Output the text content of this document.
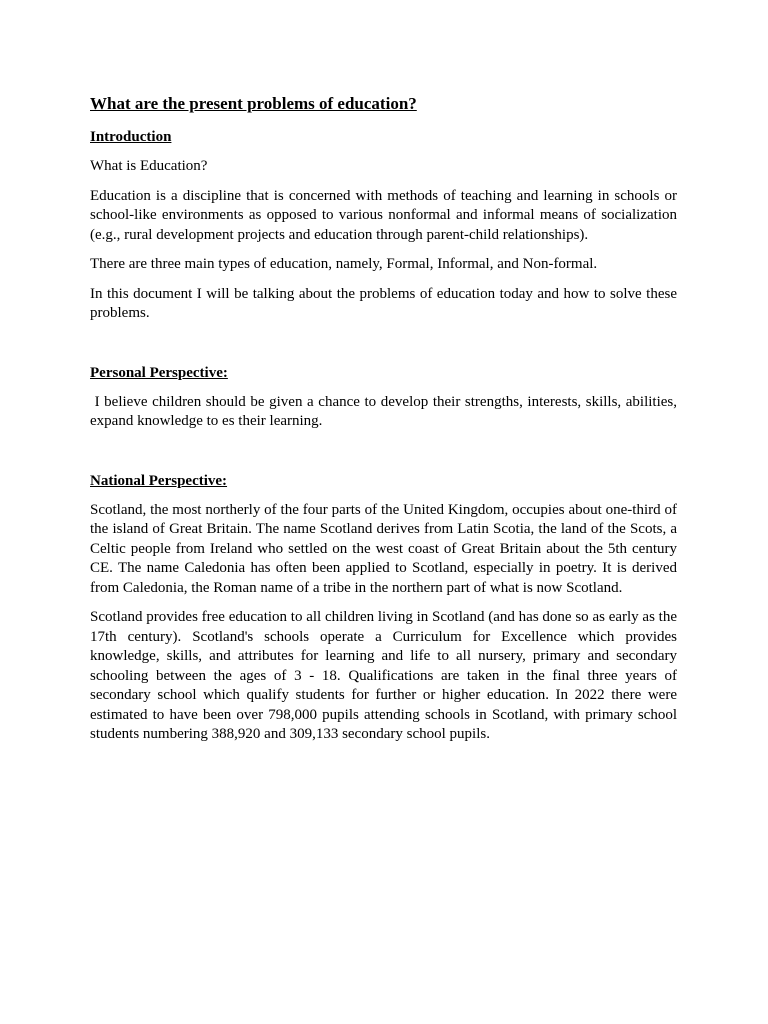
What are the present problems of education?
Introduction

What is Education?

Education is a discipline that is concerned with methods of teaching and learning in schools or school-like environments as opposed to various nonformal and informal means of socialization (e.g., rural development projects and education through parent-child relationships).

There are three main types of education, namely, Formal, Informal, and Non-formal.

In this document I will be talking about the problems of education today and how to solve these problems.

Personal Perspective:

I believe children should be given a chance to develop their strengths, interests, skills, abilities, expand knowledge to es their learning.

National Perspective:

Scotland, the most northerly of the four parts of the United Kingdom, occupies about one-third of the island of Great Britain. The name Scotland derives from Latin Scotia, the land of the Scots, a Celtic people from Ireland who settled on the west coast of Great Britain about the 5th century CE. The name Caledonia has often been applied to Scotland, especially in poetry. It is derived from Caledonia, the Roman name of a tribe in the northern part of what is now Scotland.

Scotland provides free education to all children living in Scotland (and has done so as early as the 17th century). Scotland's schools operate a Curriculum for Excellence which provides knowledge, skills, and attributes for learning and life to all nursery, primary and secondary schooling between the ages of 3 - 18. Qualifications are taken in the final three years of secondary school which qualify students for further or higher education. In 2022 there were estimated to have been over 798,000 pupils attending schools in Scotland, with primary school students numbering 388,920 and 309,133 secondary school pupils.
